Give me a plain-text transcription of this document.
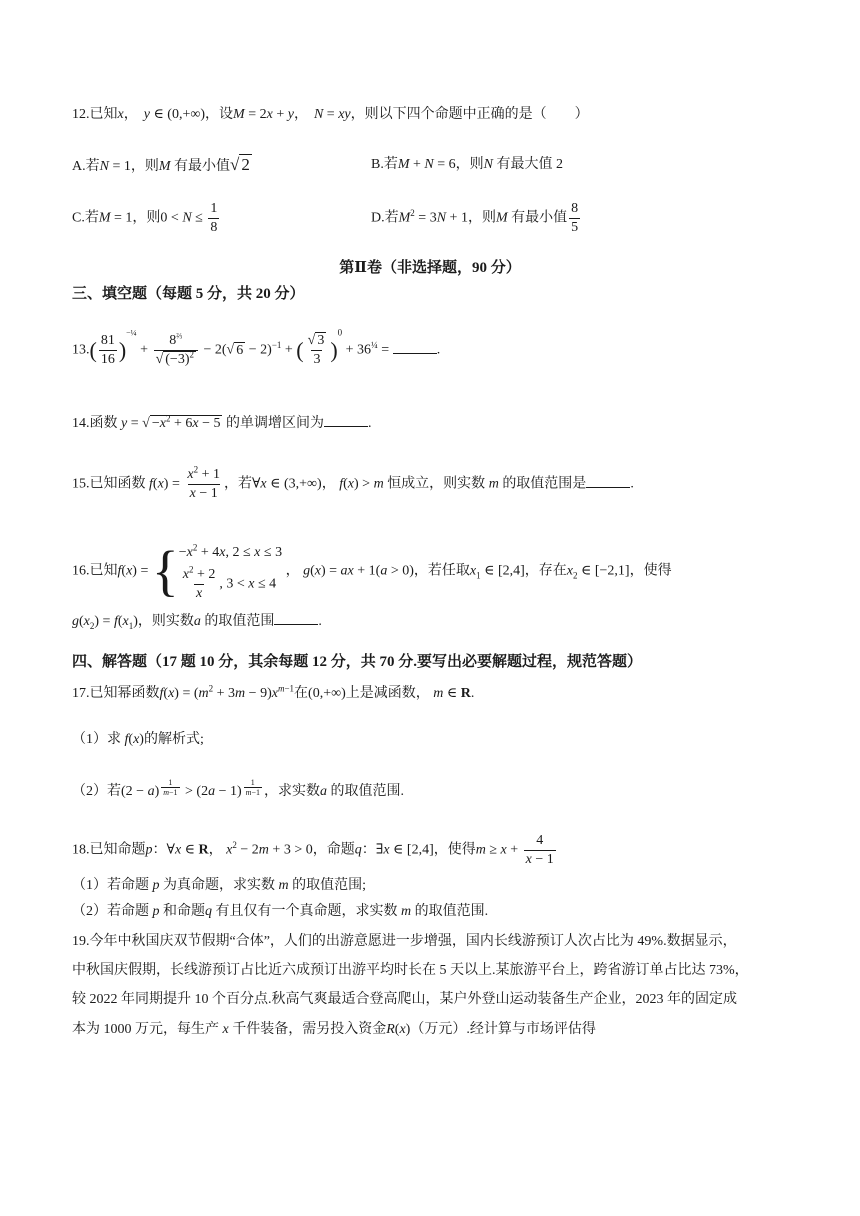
12.已知x， y ∈ (0,+∞)，设M = 2x + y， N = xy，则以下四个命题中正确的是（　　）
A.若N = 1，则M 有最小值√ 2	B.若M + N = 6，则N 有最大值 2
C.若M = 1，则$0 < N \le \frac{1}{8}$	D.若$M^2 = 3N + 1$，则M 有最小值 $\frac{8}{5}$
第Ⅱ卷（非选择题，90 分）
三、填空题（每题 5 分，共 20 分）
$13.( \frac{81}{16} )^{-\frac{1}{4}} + \frac{8^{\frac{2}{3}}}{√ (-3)^2} - 2(√$ 6 − 2)$^{-1}$ + ( $\frac{√ 3}{3} )^0 + 36^{\frac{1}{4}}$ =	.
14.函数 y = √ $-x^2 + 6x - 5$ 的单调增区间为	.
15.已知函数 $f(x) = \frac{x^2 + 1}{x - 1}$ ，若∀x ∈ (3,+∞)， f(x) > m 恒成立，则实数 m 的取值范围是	.
16.已知f(x) = { $-x^2 + 4x$, 2 ≤ x ≤ 3
$\frac{x^2 + 2}{x}$ , 3 < x ≤ 4
， g(x) = ax + 1(a > 0)，若任取$x_1$ ∈ [2,4]，存在$x_2$ ∈ [−2,1]，使得
$g(x_2) = f(x_1)$，则实数a 的取值范围	.
四、解答题（17 题 10 分，其余每题 12 分，共 70 分.要写出必要解题过程，规范答题）
17.已知幂函数$f(x) = (m^2 + 3m - 9)x^{m-1}$在(0,+∞)上是减函数， m ∈ R.
（1）求 f(x)的解析式;
（2）若(2 − a) $^{\frac{1}{m-1}}$ > (2a − 1) $^{\frac{1}{m-1}}$ ，求实数a 的取值范围.
18.已知命题p：∀x ∈ R， $x^2 - 2m + 3 > 0$，命题q：∃x ∈ [2,4]，使得$m \ge x + \frac{4}{x - 1}$
（1）若命题 p 为真命题，求实数 m 的取值范围;
（2）若命题 p 和命题q 有且仅有一个真命题，求实数 m 的取值范围.
19.今年中秋国庆双节假期“合体”，人们的出游意愿进一步增强，国内长线游预订人次占比为 49%.数据显示，
中秋国庆假期，长线游预订占比近六成预订出游平均时长在 5 天以上.某旅游平台上，跨省游订单占比达 73%，
较 2022 年同期提升 10 个百分点.秋高气爽最适合登高爬山，某户外登山运动装备生产企业，2023 年的固定成
本为 1000 万元，每生产 x 千件装备，需另投入资金R(x)（万元）.经计算与市场评估得
